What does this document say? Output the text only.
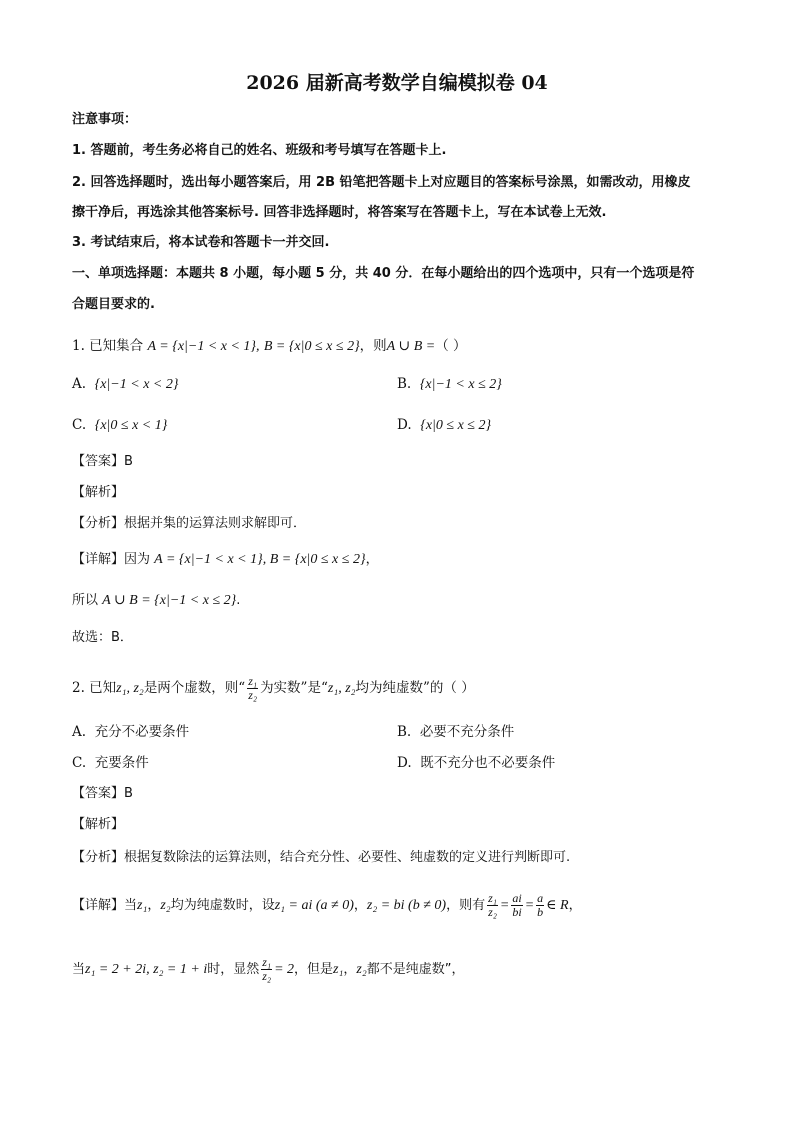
2026 届新高考数学自编模拟卷 04
注意事项：
1. 答题前，考生务必将自己的姓名、班级和考号填写在答题卡上.
2. 回答选择题时，选出每小题答案后，用 2B 铅笔把答题卡上对应题目的答案标号涂黑，如需改动，用橡皮
擦干净后，再选涂其他答案标号. 回答非选择题时，将答案写在答题卡上，写在本试卷上无效.
3. 考试结束后，将本试卷和答题卡一并交回.
一、单项选择题：本题共 8 小题，每小题 5 分，共 40 分．在每小题给出的四个选项中，只有一个选项是符
合题目要求的.
1. 已知集合 A = {x|−1 < x < 1}, B = {x|0 ≤ x ≤ 2}，则A ∪ B =（ ）
A. {x|−1 < x < 2}	B. {x|−1 < x ≤ 2}
C. {x|0 ≤ x < 1}	D. {x|0 ≤ x ≤ 2}
【答案】B
【解析】
【分析】根据并集的运算法则求解即可．
【详解】因为 A = {x|−1 < x < 1}, B = {x|0 ≤ x ≤ 2}，
所以 A ∪ B = {x|−1 < x ≤ 2}.
故选：B．
2. 已知z₁, z₂是两个虚数，则“ $\frac{\text{z₁}}{\text{z₂}}$ 为实数”是“z₁, z₂均为纯虚数”的（ ）
A. 充分不必要条件	B. 必要不充分条件
C. 充要条件	D. 既不充分也不必要条件
【答案】B
【解析】
【分析】根据复数除法的运算法则，结合充分性、必要性、纯虚数的定义进行判断即可.
【详解】当z₁，z₂均为纯虚数时，设z₁ = ai (a ≠ 0)，z₂ = bi (b ≠ 0)，则有 $\frac{\text{z₁}}{\text{z₂}} = \frac{ai}{bi} = \frac{a}{b}$ ∈ R，
当z₁ = 2 + 2i, z₂ = 1 + i时，显然 $\frac{\text{z₁}}{\text{z₂}} = 2$，但是z₁，z₂都不是纯虚数”，
